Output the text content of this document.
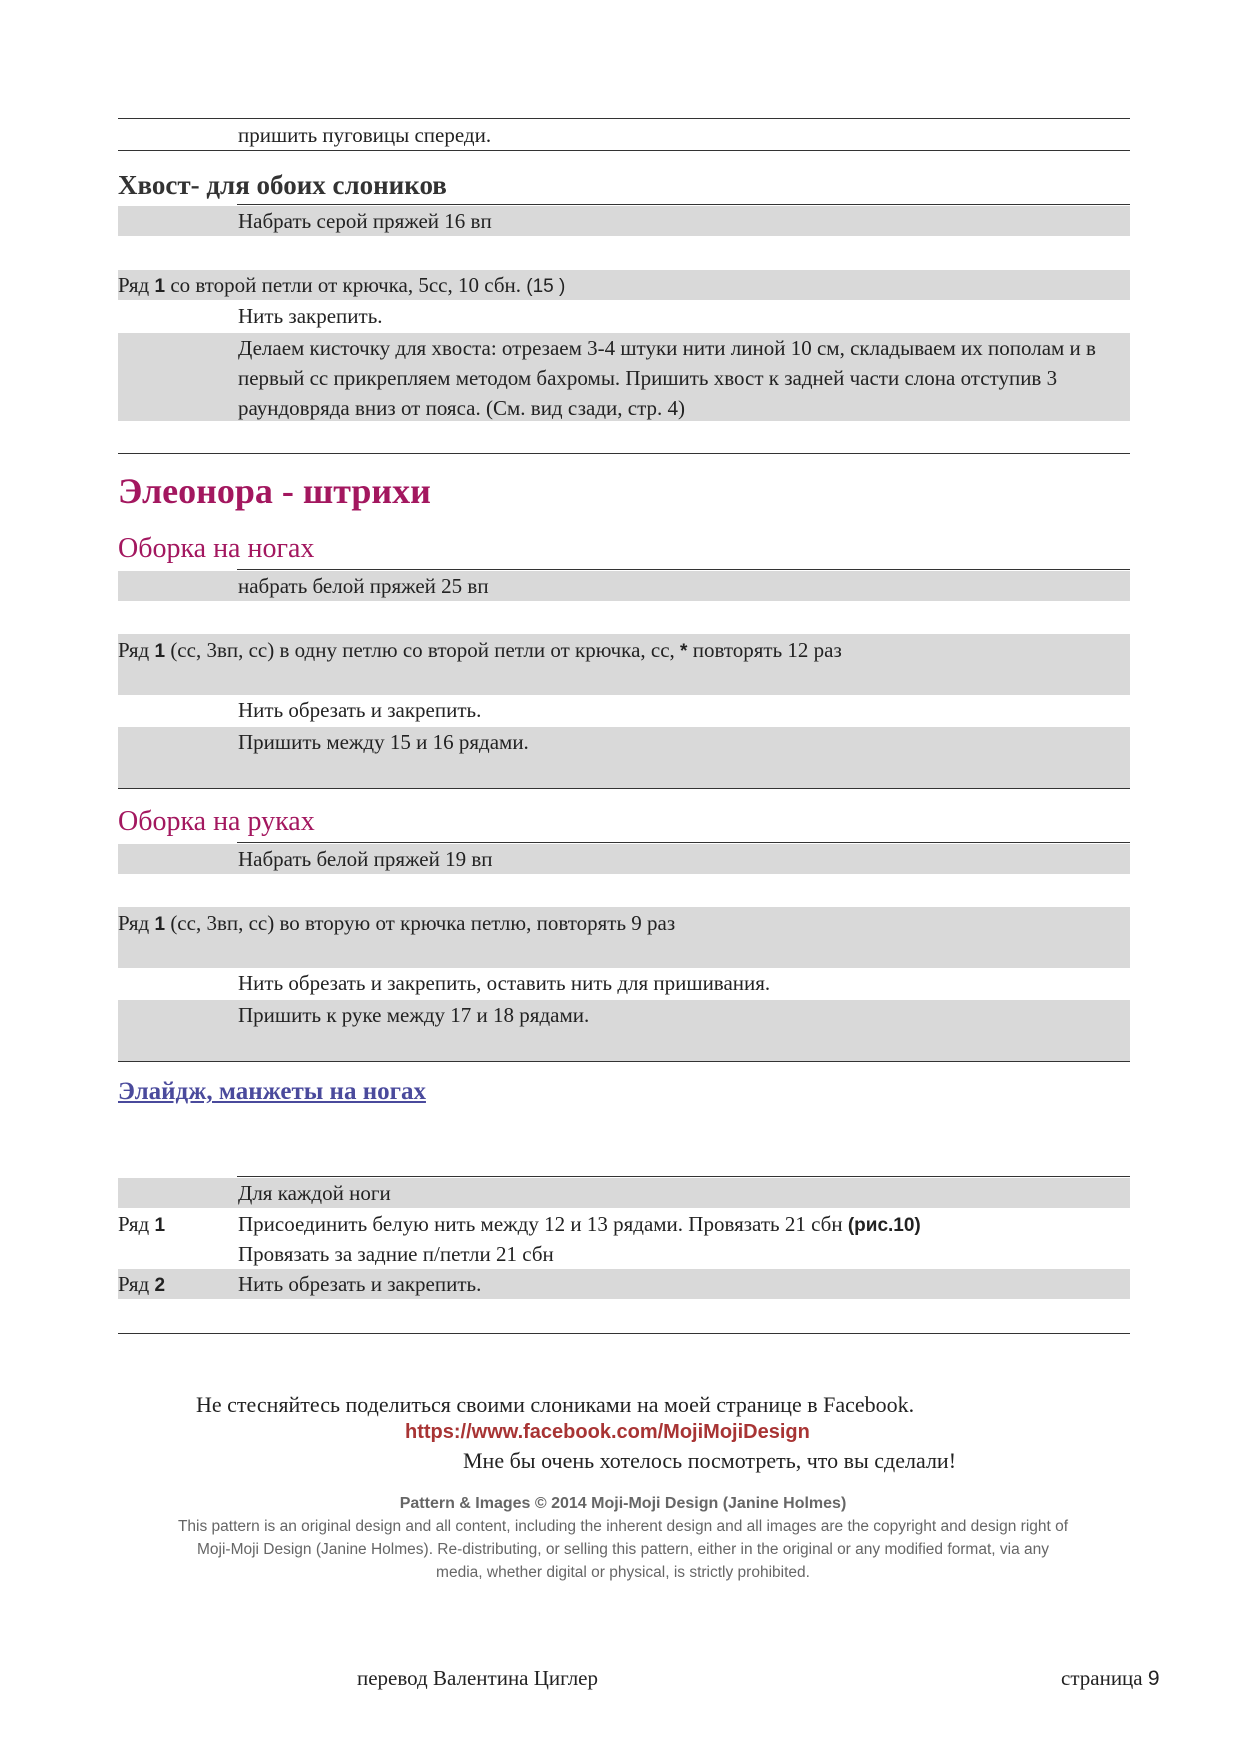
пришить пуговицы спереди.
Хвост- для обоих слоников
Набрать серой пряжей 16 вп
Ряд 1 со второй петли от крючка, 5сс, 10 сбн. (15 )
Нить закрепить.
Делаем кисточку для хвоста: отрезаем 3-4 штуки нити линой 10 см, складываем их пополам и в первый сс прикрепляем методом бахромы. Пришить хвост к задней части слона отступив 3 раундовряда вниз от пояса. (См. вид сзади, стр. 4)
Элеонора - штрихи
Оборка на ногах
набрать белой пряжей 25 вп
Ряд 1 (сс, 3вп, сс) в одну петлю со второй петли от крючка, сс, * повторять 12 раз
Нить обрезать и закрепить.
Пришить между 15 и 16 рядами.
Оборка на руках
Набрать белой пряжей 19 вп
Ряд 1 (сс, 3вп, сс) во вторую от крючка петлю, повторять 9 раз
Нить обрезать и закрепить, оставить нить для пришивания.
Пришить к руке между 17 и 18 рядами.
Элайдж, манжеты на ногах
Для каждой ноги
Ряд 1	Присоединить белую нить между 12 и 13 рядами. Провязать 21 сбн (рис.10)
Провязать за задние п/петли 21 сбн
Ряд 2	Нить обрезать и закрепить.
Не стесняйтесь поделиться своими слониками на моей странице в Facebook.
https://www.facebook.com/MojiMojiDesign
Мне бы очень хотелось посмотреть, что вы сделали!
Pattern & Images © 2014 Moji-Moji Design (Janine Holmes)
This pattern is an original design and all content, including the inherent design and all images are the copyright and design right of
Moji-Moji Design (Janine Holmes). Re-distributing, or selling this pattern, either in the original or any modified format, via any
media, whether digital or physical, is strictly prohibited.
перевод Валентина Циглер	страница 9
